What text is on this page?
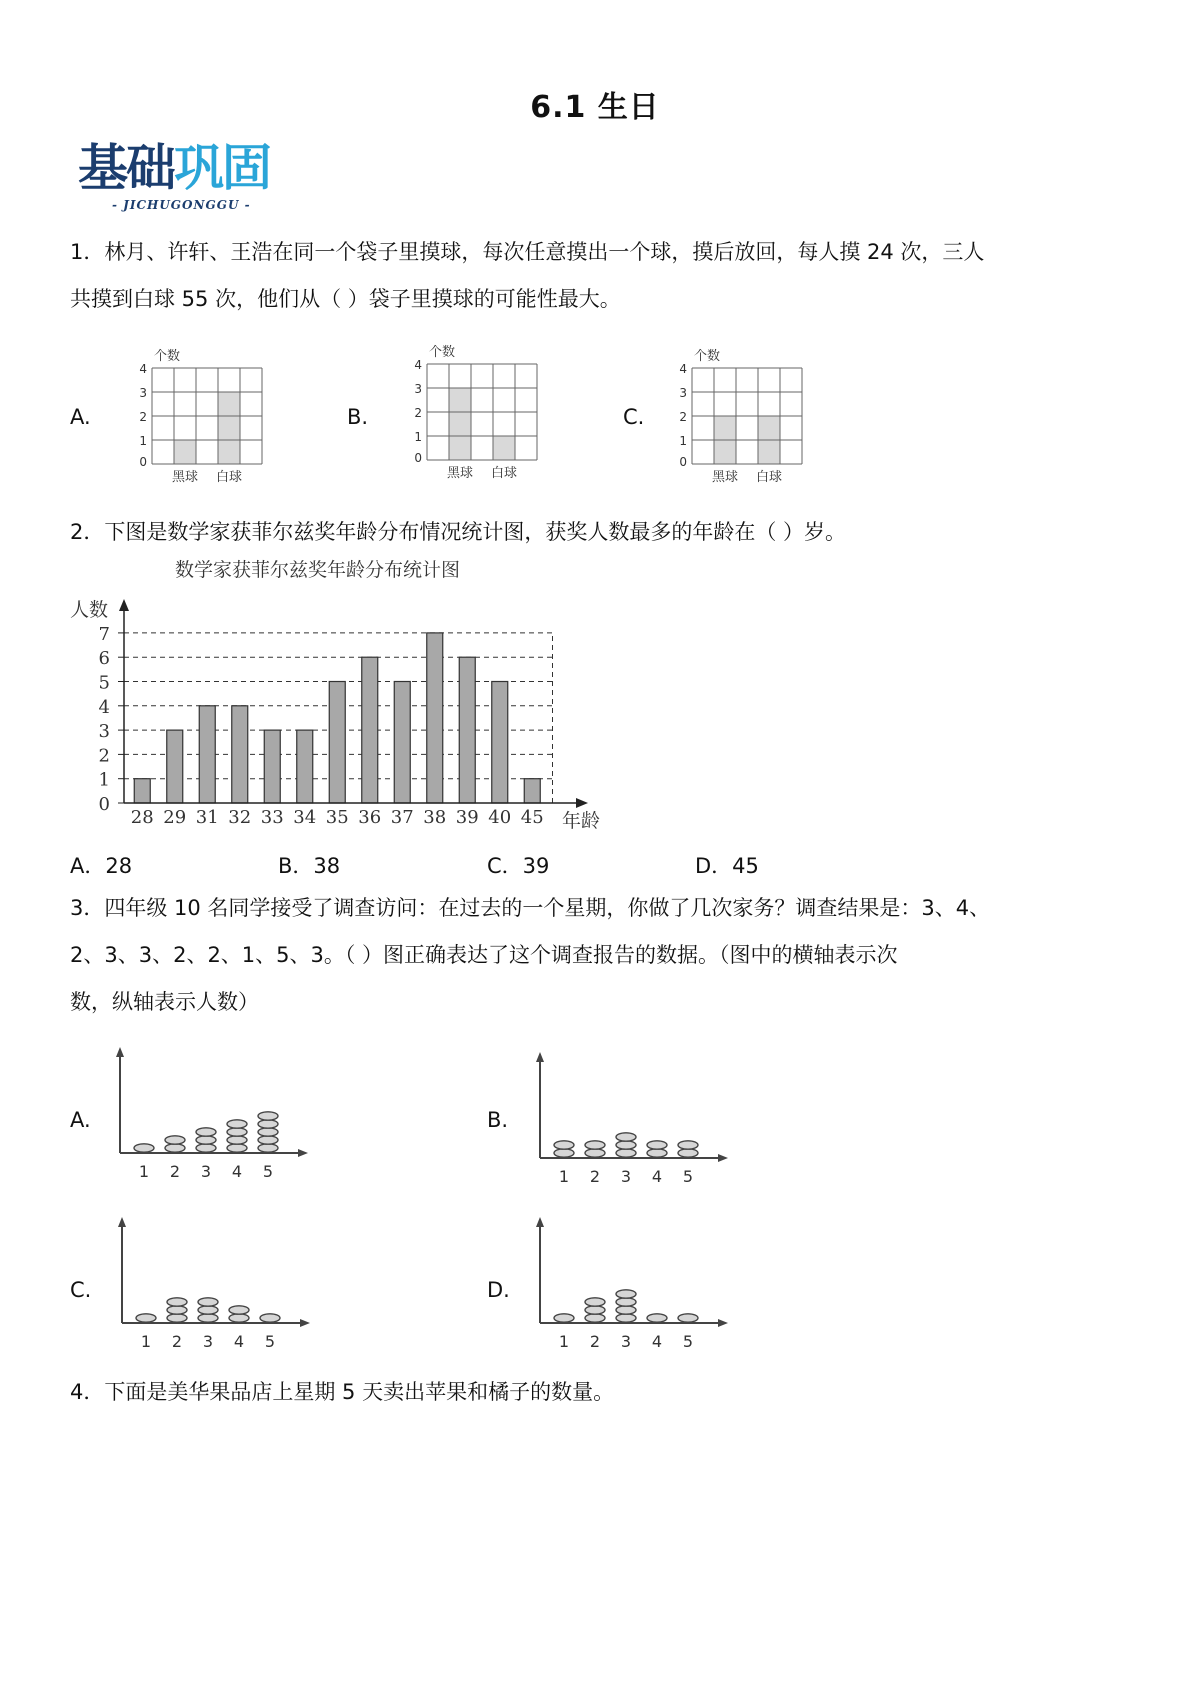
6.1 生日
基础巩固
- JICHUGONGGU -
1．林月、许轩、王浩在同一个袋子里摸球，每次任意摸出一个球，摸后放回，每人摸 24 次，三人
共摸到白球 55 次，他们从（ ）袋子里摸球的可能性最大。
A.	B.	C.
个数
0
1
2
3
4
黑球 白球
个数
0
1
2
3
4
黑球 白球
个数
0
1
2
3
4
黑球 白球
2．下图是数学家获菲尔兹奖年龄分布情况统计图，获奖人数最多的年龄在（ ）岁。
数学家获菲尔兹奖年龄分布统计图
人数
年龄
0
1
2
3
4
5
6
7
28 29 31 32 33 34 35 36 37 38 39 40 45
A．28	B．38	C．39	D．45
3．四年级 10 名同学接受了调查访问：在过去的一个星期，你做了几次家务？调查结果是：3、4、
2、3、3、2、2、1、5、3。（ ）图正确表达了这个调查报告的数据。（图中的横轴表示次
数，纵轴表示人数）
A.	B.
C.	D.
1 2 3 4 5	1 2 3 4 5
1 2 3 4 5	1 2 3 4 5
4．下面是美华果品店上星期 5 天卖出苹果和橘子的数量。
